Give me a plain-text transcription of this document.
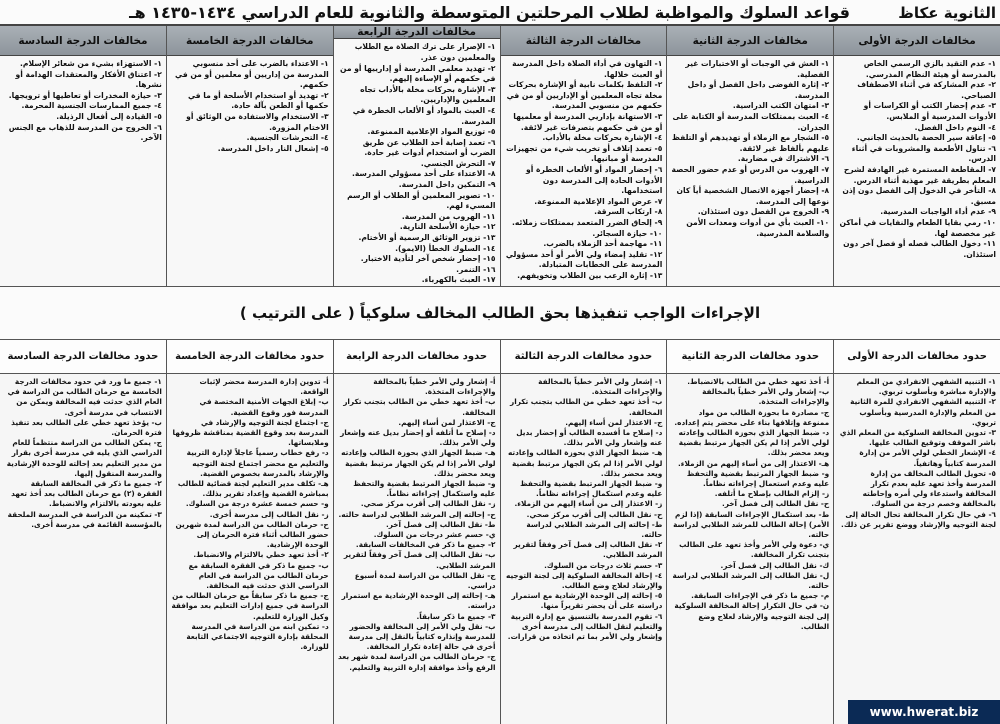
الثانوية عكاظ
قواعد السلوك والمواظبة لطلاب المرحلتين المتوسطة والثانوية للعام الدراسي ١٤٣٤-١٤٣٥ هـ
مخالفات الدرجة الأولى

١- عدم التقيد بالزي الرسمي الخاص بالمدرسة أو هيئة النظام المدرسي.

٢- عدم المشاركة في أثناء الاصطفاف الصباحي.

٣- عدم إحضار الكتب أو الكراسات أو الأدوات المدرسية أو الملابس.

٤- النوم داخل الفصل.

٥- إعاقة سير الحصة بالحديث الجانبي.

٦- تناول الأطعمة والمشروبات في أثناء الدرس.

٧- المقاطعة المستمرة غير الهادفة لشرح المعلم بطريقة غير مهذبة أثناء الدرس.

٨- التأخر في الدخول إلى الفصل دون إذن مسبق.

٩- عدم أداء الواجبات المدرسية.

١٠- رمي بقايا الطعام والنفايات في أماكن غير مخصصة لها.

١١- دخول الطالب فصله أو فصل آخر دون استئذان.

مخالفات الدرجة الثانية

١- الغش في الوجبات أو الاختبارات غير الفصلية.

٢- إثارة الفوضى داخل الفصل أو داخل المدرسة.

٣- امتهان الكتب الدراسية.

٤- العبث بممتلكات المدرسة أو الكتابة على الجدران.

٥- الشجار مع الزملاء أو تهديدهم أو التلفظ عليهم بألفاظ غير لائقة.

٦- الاشتراك في مضاربة.

٧- الهروب من الدرس أو عدم حضور الحصة الدراسية.

٨- إحضار أجهزة الاتصال الشخصية أياً كان نوعها إلى المدرسة.

٩- الخروج من الفصل دون استئذان.

١٠- العبث بأي من أدوات ومعدات الأمن والسلامة المدرسية.

مخالفات الدرجة الثالثة

١- التهاون في أداء الصلاة داخل المدرسة أو العبث خلالها.

٢- التلفظ بكلمات نابية أو الإشارة بحركات مخلة تجاه المعلمين أو الإداريين أو من في حكمهم من منسوبي المدرسة.

٣- الاستهانة بإداريي المدرسة أو معلميها أو من في حكمهم بتصرفات غير لائقة.

٤- الإشارة بحركات مخلة بالأداب.

٥- تعمد إتلاف أو تخريب شيء من تجهيزات المدرسة أو مبانيها.

٦- إحضار المواد أو الألعاب الخطرة أو الأدوات الحادة إلى المدرسة دون استخدامها.

٧- عرض المواد الإعلامية الممنوعة.

٨- ارتكاب السرقة.

٩- إلحاق الضرر المتعمد بممتلكات زملائه.

١٠- حيازة السجائر.

١١- مهاجمة أحد الزملاء بالضرب.

١٢- تقليد إمضاء ولي الأمر أو أحد مسؤولي المدرسة على الخطابات المتبادلة.

١٣- إثارة الرعب بين الطلاب وتخويفهم.

مخالفات الدرجة الرابعة

١- الإصرار على ترك الصلاة مع الطلاب والمعلمين دون عذر.

٢- تهديد معلمي المدرسة أو إدارييها أو من في حكمهم أو الإساءة إليهم.

٣- الإشارة بحركات مخلة بالأداب تجاه المعلمين والإداريين.

٤- العبث بالمواد أو الألعاب الخطرة في المدرسة.

٥- توزيع المواد الإعلامية الممنوعة.

٦- تعمد إصابة أحد الطلاب عن طريق الضرب أو استخدام أدوات غير حادة.

٧- التحرش الجنسي.

٨- الاعتداء على أحد مسؤولي المدرسة.

٩- التمكين داخل المدرسة.

١٠- تصوير المعلمين أو الطلاب أو الرسم المسيء لهم.

١١- الهروب من المدرسة.

١٢- حيازة الأسلحة النارية.

١٣- تزوير الوثائق الرسمية أو الأختام.

١٤- السلوك الخطأ (الايمو).

١٥- إحضار شخص آخر لتأدية الاختبار.

١٦- التنمر.

١٧- العبث بالكهرباء.

مخالفات الدرجة الخامسة

١- الاعتداء بالضرب على أحد منسوبي المدرسة من إداريين أو معلمين أو من في حكمهم.

٢- تهديد أو استخدام الأسلحة أو ما في حكمها أو الطعن بآلة حادة.

٣- الاستخدام والاستفادة من الوثائق أو الاختام المزورة.

٤- التحرشات الجنسية.

٥- إشعال النار داخل المدرسة.

مخالفات الدرجة السادسة

١- الاستهزاء بشيء من شعائر الإسلام.

٢- اعتناق الأفكار والمعتقدات الهدامة أو نشرها.

٣- حيازة المخدرات أو تعاطيها أو ترويجها.

٤- جميع الممارسات الجنسية المحرمة.

٥- القيادة إلى أفعال الرذيلة.

٦- الخروج من المدرسة للذهاب مع الجنس الآخر.

الإجراءات الواجب تنفيذها بحق الطالب المخالف سلوكياً ( على الترتيب )
حدود مخالفات الدرجة الأولى

١- التنبيه الشفهي الانفرادي من المعلم والإدارة مباشرة وبأسلوب تربوي.

٢- التنبيه الشفهي الانفرادي للمرة الثانية من المعلم والإدارة المدرسية وبأسلوب تربوي.

٣- تدوين المخالفة السلوكية من المعلم الذي باشر الموقف وتوقيع الطالب عليها.

٤- الإشعار الخطي لولي الأمر من إدارة المدرسة كتابياً وهاتفياً.

٥- تحويل الطالب المخالف من إدارة المدرسة وأخذ تعهد عليه بعدم تكرار المخالفة واستدعاء ولي أمره وإحاطته بالمخالفة وخصم درجة من السلوك.

٦- في حال تكرار المخالفة تحال الحالة إلى لجنة التوجيه والإرشاد ووضع تقرير عن ذلك.

حدود مخالفات الدرجة الثانية

أ- أخذ تعهد خطي من الطالب بالانضباط.

ب- إشعار ولي الأمر خطياً بالمخالفة والإجراءات المتخذة.

ج- مصادرة ما بحوزة الطالب من مواد ممنوعة وإتلافها بناء على محضر يتم إعداده.

د- ضبط الجهاز الذي بحوزة الطالب وإعادته لولي الأمر إذا لم يكن الجهاز مرتبط بقضية ويعد محضر بذلك.

هـ- الاعتذار إلى من أساء إليهم من الزملاء.

و- ضبط الجهاز المرتبط بقضية والتحفظ عليه وعدم استعمال إجراءاته نظاماً.

ز- إلزام الطالب بإصلاح ما أتلفه.

ح- نقل الطالب إلى فصل آخر.

ط- بعد استكمال الإجراءات السابقة (إذا لزم الأمر) إحالة الطالب للمرشد الطلابي لدراسة حالته.

ي- دعوة ولي الأمر وأخذ تعهد على الطالب بتجنب تكرار المخالفة.

ك- نقل الطالب إلى فصل آخر.

ل- نقل الطالب إلى المرشد الطلابي لدراسة حالته.

م- جميع ما ذكر في الإجراءات السابقة.

ن- في حال التكرار إحالة المخالفة السلوكية إلى لجنة التوجيه والإرشاد لعلاج وضع الطالب.

حدود مخالفات الدرجة الثالثة

١- إشعار ولي الأمر خطياً بالمخالفة والإجراءات المتخذة.

ب- أخذ تعهد خطي من الطالب بتجنب تكرار المخالفة.

ج- الاعتذار لمن أساء إليهم.

د- إصلاح ما أفسده الطالب أو إحضار بديل عنه وإشعار ولي الأمر بذلك.

هـ- ضبط الجهاز الذي بحوزة الطالب وإعادته لولي الأمر إذا لم يكن الجهاز مرتبط بقضية ويعد محضر بذلك.

و- ضبط الجهاز المرتبط بقضية والتحفظ عليه وعدم استكمال إجراءاته نظاماً.

ز- الاعتذار إلى من أساء إليهم من الزملاء.

ح- نقل الطالب إلى أقرب مركز صحي.

ط- إحالته إلى المرشد الطلابي لدراسة حالته.

٢- نقل الطالب إلى فصل آخر وفقاً لتقرير المرشد الطلابي.

٣- حسم ثلاث درجات من السلوك.

٤- إحالة المخالفة السلوكية إلى لجنة التوجيه والإرشاد لعلاج وضع الطالب.

٥- إحالته إلى الوحدة الإرشادية مع استمرار دراسته على أن يحضر تقريراً منها.

٦- تقوم المدرسة بالتنسيق مع إدارة التربية والتعليم لنقل الطالب إلى مدرسة أخرى وإشعار ولي الأمر بما تم اتخاذه من قرارات.

حدود مخالفات الدرجة الرابعة

أ- إشعار ولي الأمر خطياً بالمخالفة والإجراءات المتخذة.

ب- أخذ تعهد خطي من الطالب بتجنب تكرار المخالفة.

ج- الاعتذار لمن أساء إليهم.

د- إصلاح ما أتلفه أو إحضار بديل عنه وإشعار ولي الأمر بذلك.

هـ- ضبط الجهاز الذي بحوزة الطالب وإعادته لولي الأمر إذا لم يكن الجهاز مرتبط بقضية ويعد محضر بذلك.

و- ضبط الجهاز المرتبط بقضية والتحفظ عليه واستكمال إجراءاته نظاماً.

ز- نقل الطالب إلى أقرب مركز صحي.

ح- إحالته إلى المرشد الطلابي لدراسة حالته.

ط- نقل الطالب إلى فصل آخر.

ي- حسم عشر درجات من السلوك.

٢- جميع ما ذكر في المخالفات السابقة.

ب- نقل الطالب إلى فصل آخر وفقاً لتقرير المرشد الطلابي.

ج- نقل الطالب من الدراسة لمدة أسبوع دراسي.

هـ- إحالته إلى الوحدة الإرشادية مع استمرار دراسته.

٣- جميع ما ذكر سابقاً.

ب- نقل ولي الأمر إلى المخالفة والحضور للمدرسة وإنذاره كتابياً بالنقل إلى مدرسة أخرى في حالة إعادة تكرار المخالفة.

ج- حرمان الطالب من الدراسة لمدة شهر بعد الرفع وأخذ موافقة إدارة التربية والتعليم.

حدود مخالفات الدرجة الخامسة

أ- تدوين إدارة المدرسة محضر لإثبات الواقعة.

ب- إبلاغ الجهات الأمنية المختصة في المدرسة فور وقوع القضية.

ج- اجتماع لجنة التوجيه والإرشاد في المدرسة بعد وقوع القضية بمناقشة ظروفها وملابساتها.

د- رفع خطاب رسمياً عاجلاً لإدارة التربية والتعليم مع محضر اجتماع لجنة التوجيه والإرشاد بالمدرسة بخصوص القضية.

هـ- تكلف مدير التعليم لجنة قضائية للطالب بمباشرة القضية وإعداد تقرير بذلك.

و- حسم خمسة عشرة درجة من السلوك.

ز- نقل الطالب إلى مدرسة أخرى.

ح- حرمان الطالب من الدراسة لمدة شهرين حضور الطالب أثناء فترة الحرمان إلى الوحدة الإرشادية.

٢- أخذ تعهد خطي بالالتزام والانضباط.

ب- جميع ما ذكر في الفقرة السابقة مع حرمان الطالب من الدراسة في العام الدراسي الذي حدثت فيه المخالفة.

ج- جميع ما ذكر سابقاً مع حرمان الطالب من الدراسة في جميع إدارات التعليم بعد موافقة وكيل الوزارة للتعليم.

د- تمكين ابنه من الدراسة في المدرسة المحلقة بإدارة التوجيه الاجتماعي التابعة للوزارة.

حدود مخالفات الدرجة السادسة

١- جميع ما ورد في حدود مخالفات الدرجة الخامسة مع حرمان الطالب من الدراسة في العام الذي حدثت فيه المخالفة ويمكن من الانتساب في مدرسة أخرى.

ب- يؤخذ تعهد خطي على الطالب بعد تنفيذ فترة الحرمان.

ج- يمكن الطالب من الدراسة منتظماً للعام الدراسي الذي يليه في مدرسة أخرى بقرار من مدير التعليم بعد إحالته للوحدة الإرشادية والمدرسة المنقول إليها.

٢- جميع ما ذكر في المخالفة السابقة الفقرة (٢) مع حرمان الطالب بعد أخذ تعهد عليه بعودته بالالتزام والانضباط.

٣- تمكينه من الدراسة في المدرسة الملحقة بالمؤسسة القائمة في مدرسة أخرى.

www.hwerat.biz
